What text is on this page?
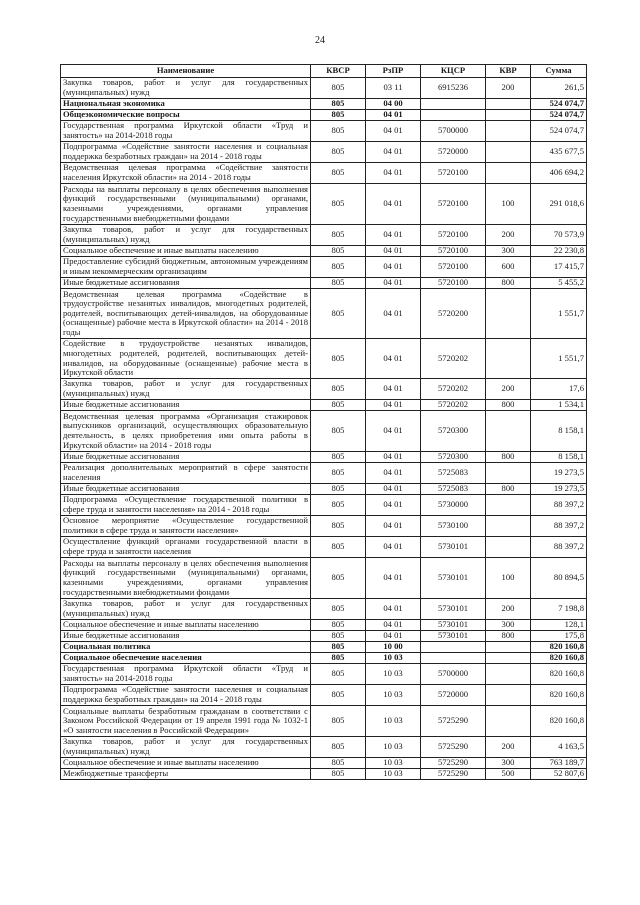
24
Наименование	КВСР	РзПР	КЦСР	КВР	Сумма
Закупка товаров, работ и услуг для государственных (муниципальных) нужд	805	03 11	6915236	200	261,5
Национальная экономика	805	04 00			524 074,7
Общеэкономические вопросы	805	04 01			524 074,7
Государственная программа Иркутской области «Труд и занятость» на 2014-2018 годы	805	04 01	5700000		524 074,7
Подпрограмма «Содействие занятости населения и социальная поддержка безработных граждан» на 2014 - 2018 годы	805	04 01	5720000		435 677,5
Ведомственная целевая программа «Содействие занятости населения Иркутской области» на 2014 - 2018 годы	805	04 01	5720100		406 694,2
Расходы на выплаты персоналу в целях обеспечения выполнения функций государственными (муниципальными) органами, казенными учреждениями, органами управления государственными внебюджетными фондами	805	04 01	5720100	100	291 018,6
Закупка товаров, работ и услуг для государственных (муниципальных) нужд	805	04 01	5720100	200	70 573,9
Социальное обеспечение и иные выплаты населению	805	04 01	5720100	300	22 230,8
Предоставление субсидий бюджетным, автономным учреждениям и иным некоммерческим организациям	805	04 01	5720100	600	17 415,7
Иные бюджетные ассигнования	805	04 01	5720100	800	5 455,2
Ведомственная целевая программа «Содействие в трудоустройстве незанятых инвалидов, многодетных родителей, родителей, воспитывающих детей-инвалидов, на оборудованные (оснащенные) рабочие места в Иркутской области» на 2014 - 2018 годы	805	04 01	5720200		1 551,7
Содействие в трудоустройстве незанятых инвалидов, многодетных родителей, родителей, воспитывающих детей-инвалидов, на оборудованные (оснащенные) рабочие места в Иркутской области	805	04 01	5720202		1 551,7
Закупка товаров, работ и услуг для государственных (муниципальных) нужд	805	04 01	5720202	200	17,6
Иные бюджетные ассигнования	805	04 01	5720202	800	1 534,1
Ведомственная целевая программа «Организация стажировок выпускников организаций, осуществляющих образовательную деятельность, в целях приобретения ими опыта работы в Иркутской области» на 2014 - 2018 годы	805	04 01	5720300		8 158,1
Иные бюджетные ассигнования	805	04 01	5720300	800	8 158,1
Реализация дополнительных мероприятий в сфере занятости населения	805	04 01	5725083		19 273,5
Иные бюджетные ассигнования	805	04 01	5725083	800	19 273,5
Подпрограмма «Осуществление государственной политики в сфере труда и занятости населения» на 2014 - 2018 годы	805	04 01	5730000		88 397,2
Основное мероприятие «Осуществление государственной политики в сфере труда и занятости населения»	805	04 01	5730100		88 397,2
Осуществление функций органами государственной власти в сфере труда и занятости населения	805	04 01	5730101		88 397,2
Расходы на выплаты персоналу в целях обеспечения выполнения функций государственными (муниципальными) органами, казенными учреждениями, органами управления государственными внебюджетными фондами	805	04 01	5730101	100	80 894,5
Закупка товаров, работ и услуг для государственных (муниципальных) нужд	805	04 01	5730101	200	7 198,8
Социальное обеспечение и иные выплаты населению	805	04 01	5730101	300	128,1
Иные бюджетные ассигнования	805	04 01	5730101	800	175,8
Социальная политика	805	10 00			820 160,8
Социальное обеспечение населения	805	10 03			820 160,8
Государственная программа Иркутской области «Труд и занятость» на 2014-2018 годы	805	10 03	5700000		820 160,8
Подпрограмма «Содействие занятости населения и социальная поддержка безработных граждан» на 2014 - 2018 годы	805	10 03	5720000		820 160,8
Социальные выплаты безработным гражданам в соответствии с Законом Российской Федерации от 19 апреля 1991 года № 1032-1 «О занятости населения в Российской Федерации»	805	10 03	5725290		820 160,8
Закупка товаров, работ и услуг для государственных (муниципальных) нужд	805	10 03	5725290	200	4 163,5
Социальное обеспечение и иные выплаты населению	805	10 03	5725290	300	763 189,7
Межбюджетные трансферты	805	10 03	5725290	500	52 807,6
